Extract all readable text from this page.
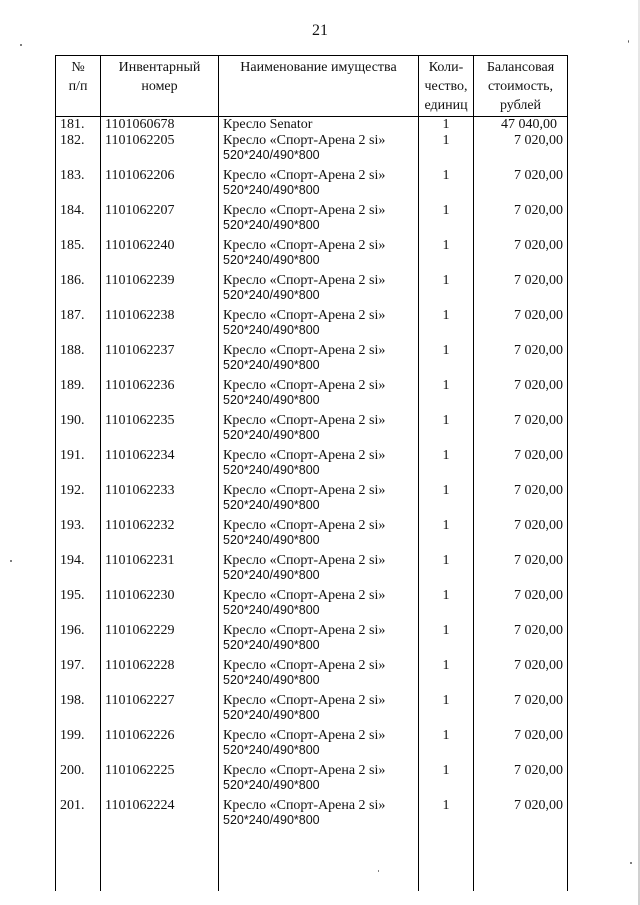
21
№
п/п	Инвентарный
номер	Наименование имущества	Коли-
чество,
единиц	Балансовая
стоимость,
рублей

181.	1101060678	Кресло Senator	1	47 040,00
182.	1101062205	Кресло «Спорт-Арена 2 si»
520*240/490*800	1	7 020,00
183.	1101062206	Кресло «Спорт-Арена 2 si»
520*240/490*800	1	7 020,00
184.	1101062207	Кресло «Спорт-Арена 2 si»
520*240/490*800	1	7 020,00
185.	1101062240	Кресло «Спорт-Арена 2 si»
520*240/490*800	1	7 020,00
186.	1101062239	Кресло «Спорт-Арена 2 si»
520*240/490*800	1	7 020,00
187.	1101062238	Кресло «Спорт-Арена 2 si»
520*240/490*800	1	7 020,00
188.	1101062237	Кресло «Спорт-Арена 2 si»
520*240/490*800	1	7 020,00
189.	1101062236	Кресло «Спорт-Арена 2 si»
520*240/490*800	1	7 020,00
190.	1101062235	Кресло «Спорт-Арена 2 si»
520*240/490*800	1	7 020,00
191.	1101062234	Кресло «Спорт-Арена 2 si»
520*240/490*800	1	7 020,00
192.	1101062233	Кресло «Спорт-Арена 2 si»
520*240/490*800	1	7 020,00
193.	1101062232	Кресло «Спорт-Арена 2 si»
520*240/490*800	1	7 020,00
194.	1101062231	Кресло «Спорт-Арена 2 si»
520*240/490*800	1	7 020,00
195.	1101062230	Кресло «Спорт-Арена 2 si»
520*240/490*800	1	7 020,00
196.	1101062229	Кресло «Спорт-Арена 2 si»
520*240/490*800	1	7 020,00
197.	1101062228	Кресло «Спорт-Арена 2 si»
520*240/490*800	1	7 020,00
198.	1101062227	Кресло «Спорт-Арена 2 si»
520*240/490*800	1	7 020,00
199.	1101062226	Кресло «Спорт-Арена 2 si»
520*240/490*800	1	7 020,00
200.	1101062225	Кресло «Спорт-Арена 2 si»
520*240/490*800	1	7 020,00
201.	1101062224	Кресло «Спорт-Арена 2 si»
520*240/490*800	1	7 020,00
